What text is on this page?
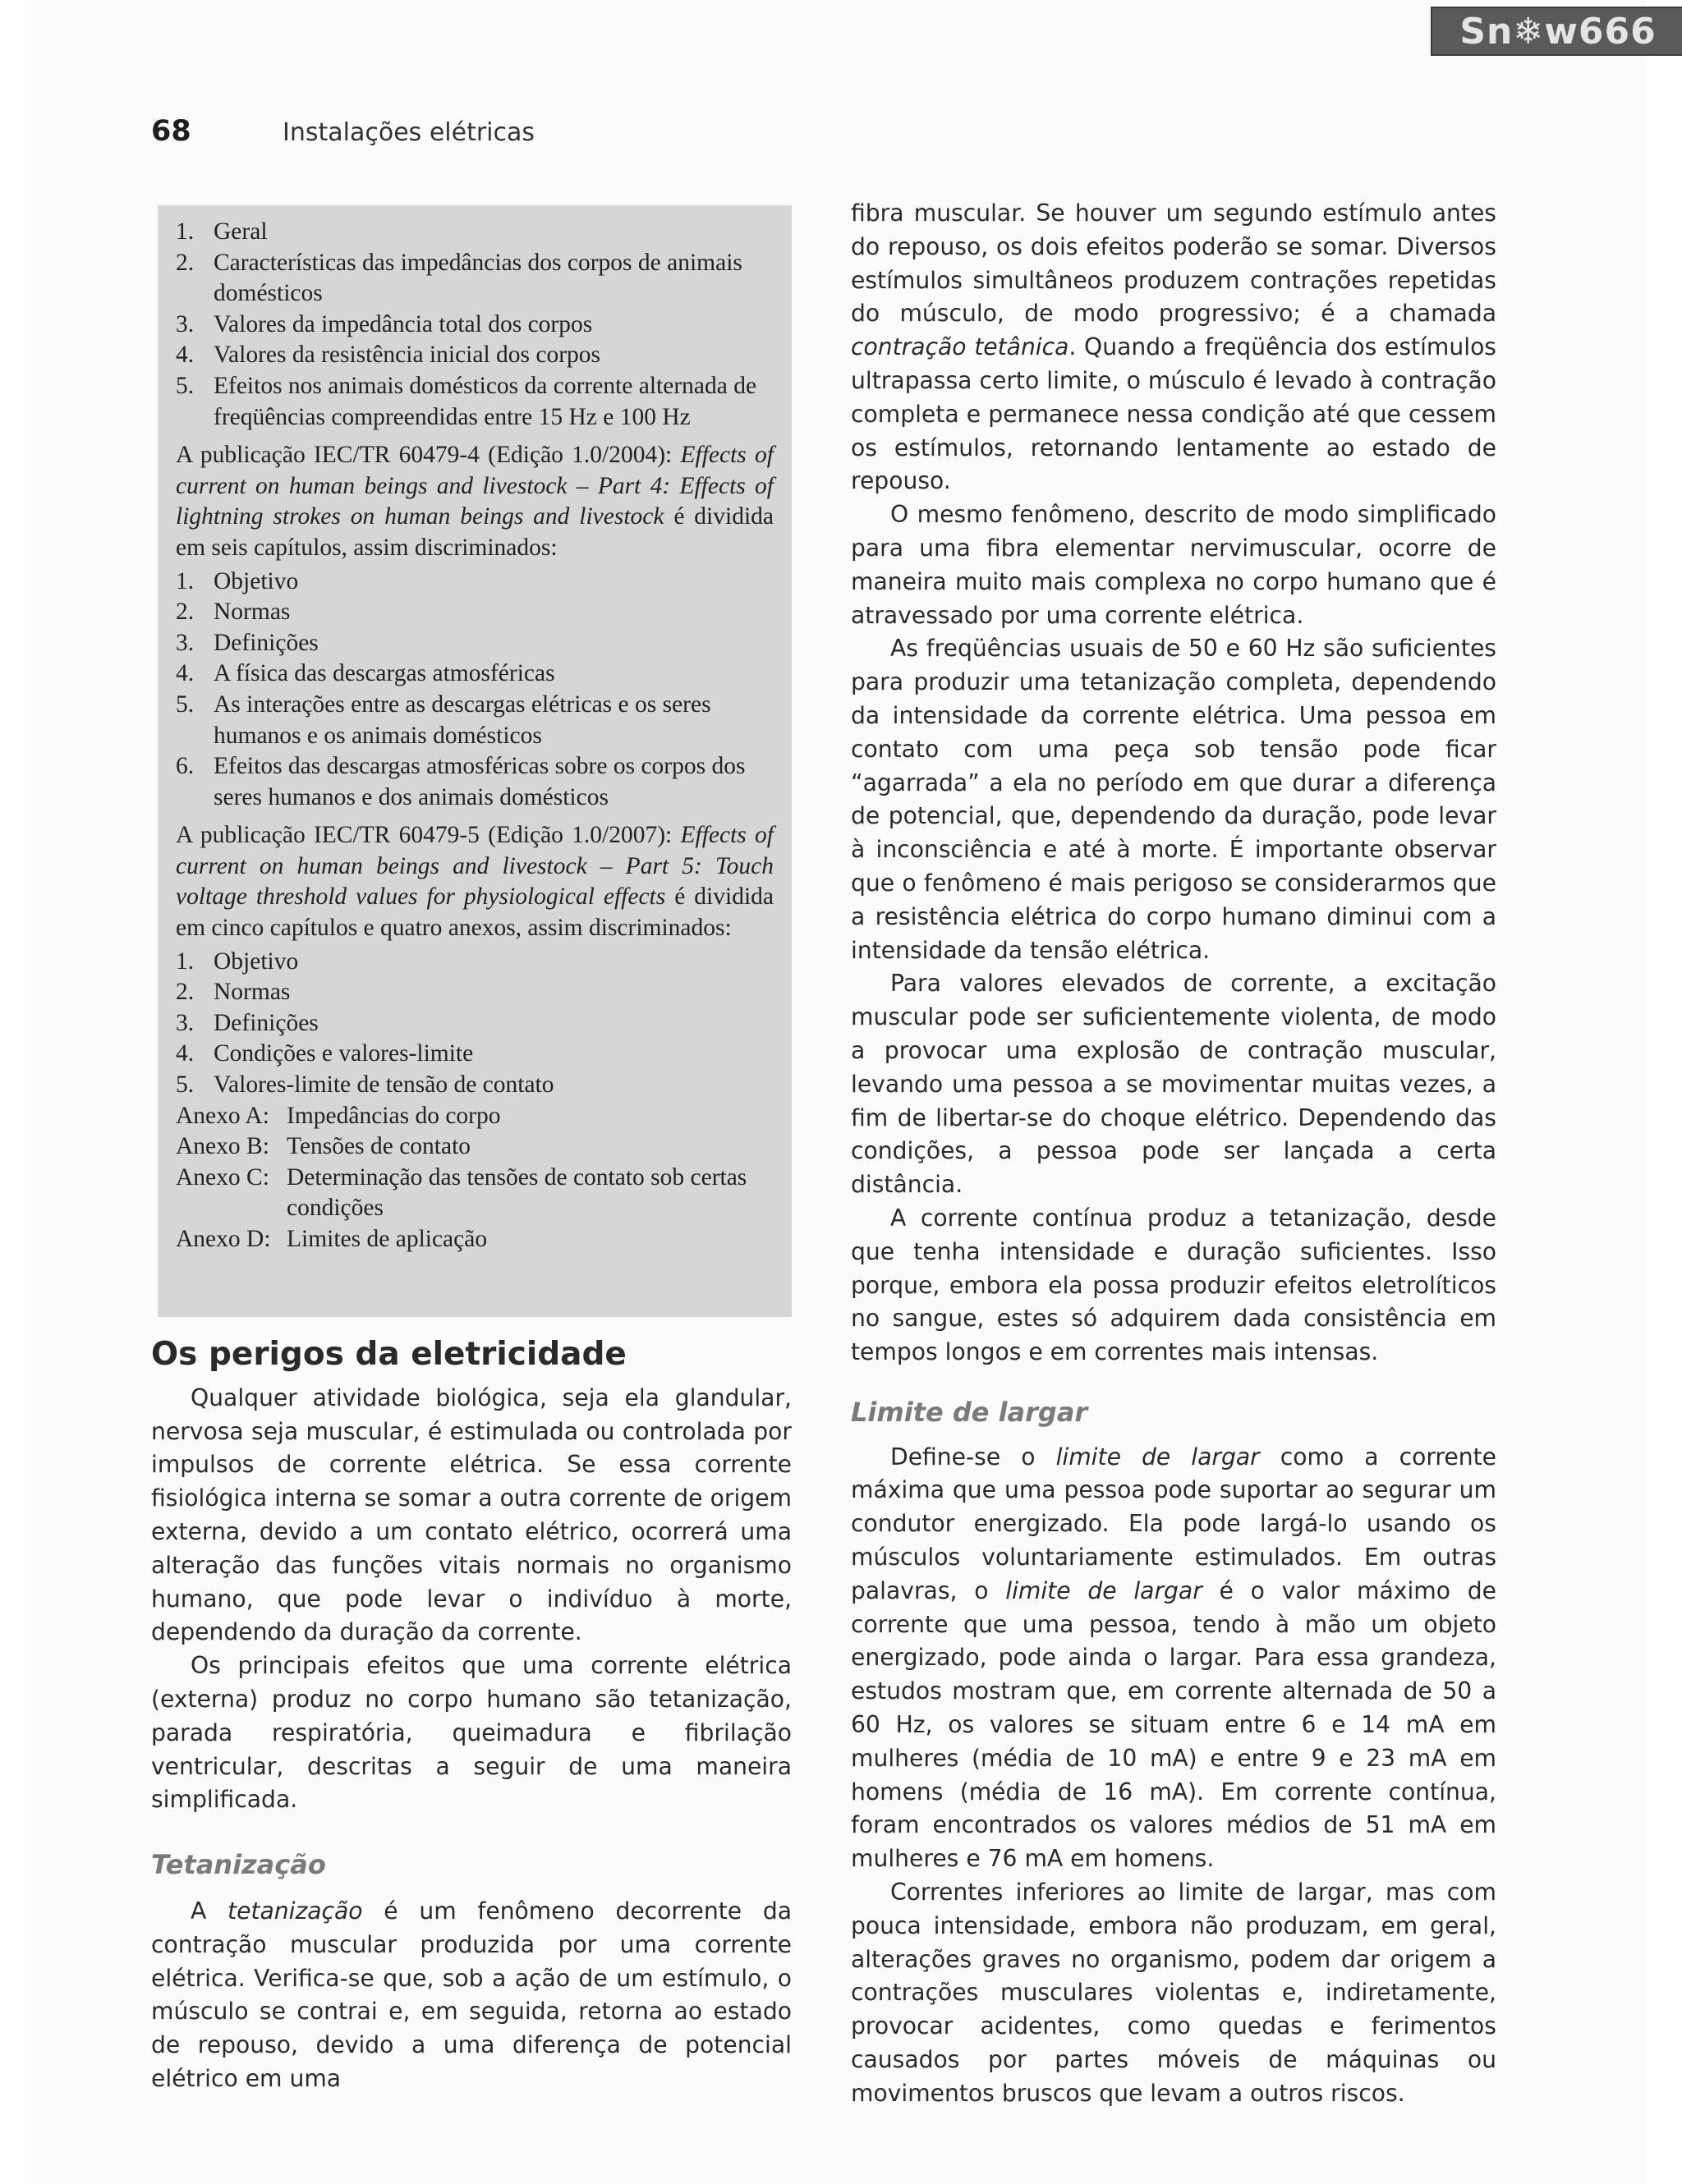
Sn❄w666
68	Instalações elétricas
1. Geral
2. Características das impedâncias dos corpos de animais domésticos
3. Valores da impedância total dos corpos
4. Valores da resistência inicial dos corpos
5. Efeitos nos animais domésticos da corrente alternada de freqüências compreendidas entre 15 Hz e 100 Hz
A publicação IEC/TR 60479-4 (Edição 1.0/2004): Effects of current on human beings and livestock – Part 4: Effects of lightning strokes on human beings and livestock é dividida em seis capítulos, assim discriminados:
1. Objetivo
2. Normas
3. Definições
4. A física das descargas atmosféricas
5. As interações entre as descargas elétricas e os seres humanos e os animais domésticos
6. Efeitos das descargas atmosféricas sobre os corpos dos seres humanos e dos animais domésticos
A publicação IEC/TR 60479-5 (Edição 1.0/2007): Effects of current on human beings and livestock – Part 5: Touch voltage threshold values for physiological effects é dividida em cinco capítulos e quatro anexos, assim discriminados:
1. Objetivo
2. Normas
3. Definições
4. Condições e valores-limite
5. Valores-limite de tensão de contato
Anexo A: Impedâncias do corpo
Anexo B: Tensões de contato
Anexo C: Determinação das tensões de contato sob certas condições
Anexo D: Limites de aplicação
Os perigos da eletricidade

Qualquer atividade biológica, seja ela glandular, nervosa seja muscular, é estimulada ou controlada por impulsos de corrente elétrica. Se essa corrente fisiológica interna se somar a outra corrente de origem externa, devido a um contato elétrico, ocorrerá uma alteração das funções vitais normais no organismo humano, que pode levar o indivíduo à morte, dependendo da duração da corrente.

Os principais efeitos que uma corrente elétrica (externa) produz no corpo humano são tetanização, parada respiratória, queimadura e fibrilação ventricular, descritas a seguir de uma maneira simplificada.

Tetanização

A tetanização é um fenômeno decorrente da contração muscular produzida por uma corrente elétrica. Verifica-se que, sob a ação de um estímulo, o músculo se contrai e, em seguida, retorna ao estado de repouso, devido a uma diferença de potencial elétrico em uma

fibra muscular. Se houver um segundo estímulo antes do repouso, os dois efeitos poderão se somar. Diversos estímulos simultâneos produzem contrações repetidas do músculo, de modo progressivo; é a chamada contração tetânica. Quando a freqüência dos estímulos ultrapassa certo limite, o músculo é levado à contração completa e permanece nessa condição até que cessem os estímulos, retornando lentamente ao estado de repouso.

O mesmo fenômeno, descrito de modo simplificado para uma fibra elementar nervimuscular, ocorre de maneira muito mais complexa no corpo humano que é atravessado por uma corrente elétrica.

As freqüências usuais de 50 e 60 Hz são suficientes para produzir uma tetanização completa, dependendo da intensidade da corrente elétrica. Uma pessoa em contato com uma peça sob tensão pode ficar “agarrada” a ela no período em que durar a diferença de potencial, que, dependendo da duração, pode levar à inconsciência e até à morte. É importante observar que o fenômeno é mais perigoso se considerarmos que a resistência elétrica do corpo humano diminui com a intensidade da tensão elétrica.

Para valores elevados de corrente, a excitação muscular pode ser suficientemente violenta, de modo a provocar uma explosão de contração muscular, levando uma pessoa a se movimentar muitas vezes, a fim de libertar-se do choque elétrico. Dependendo das condições, a pessoa pode ser lançada a certa distância.

A corrente contínua produz a tetanização, desde que tenha intensidade e duração suficientes. Isso porque, embora ela possa produzir efeitos eletrolíticos no sangue, estes só adquirem dada consistência em tempos longos e em correntes mais intensas.

Limite de largar

Define-se o limite de largar como a corrente máxima que uma pessoa pode suportar ao segurar um condutor energizado. Ela pode largá-lo usando os músculos voluntariamente estimulados. Em outras palavras, o limite de largar é o valor máximo de corrente que uma pessoa, tendo à mão um objeto energizado, pode ainda o largar. Para essa grandeza, estudos mostram que, em corrente alternada de 50 a 60 Hz, os valores se situam entre 6 e 14 mA em mulheres (média de 10 mA) e entre 9 e 23 mA em homens (média de 16 mA). Em corrente contínua, foram encontrados os valores médios de 51 mA em mulheres e 76 mA em homens.

Correntes inferiores ao limite de largar, mas com pouca intensidade, embora não produzam, em geral, alterações graves no organismo, podem dar origem a contrações musculares violentas e, indiretamente, provocar acidentes, como quedas e ferimentos causados por partes móveis de máquinas ou movimentos bruscos que levam a outros riscos.
